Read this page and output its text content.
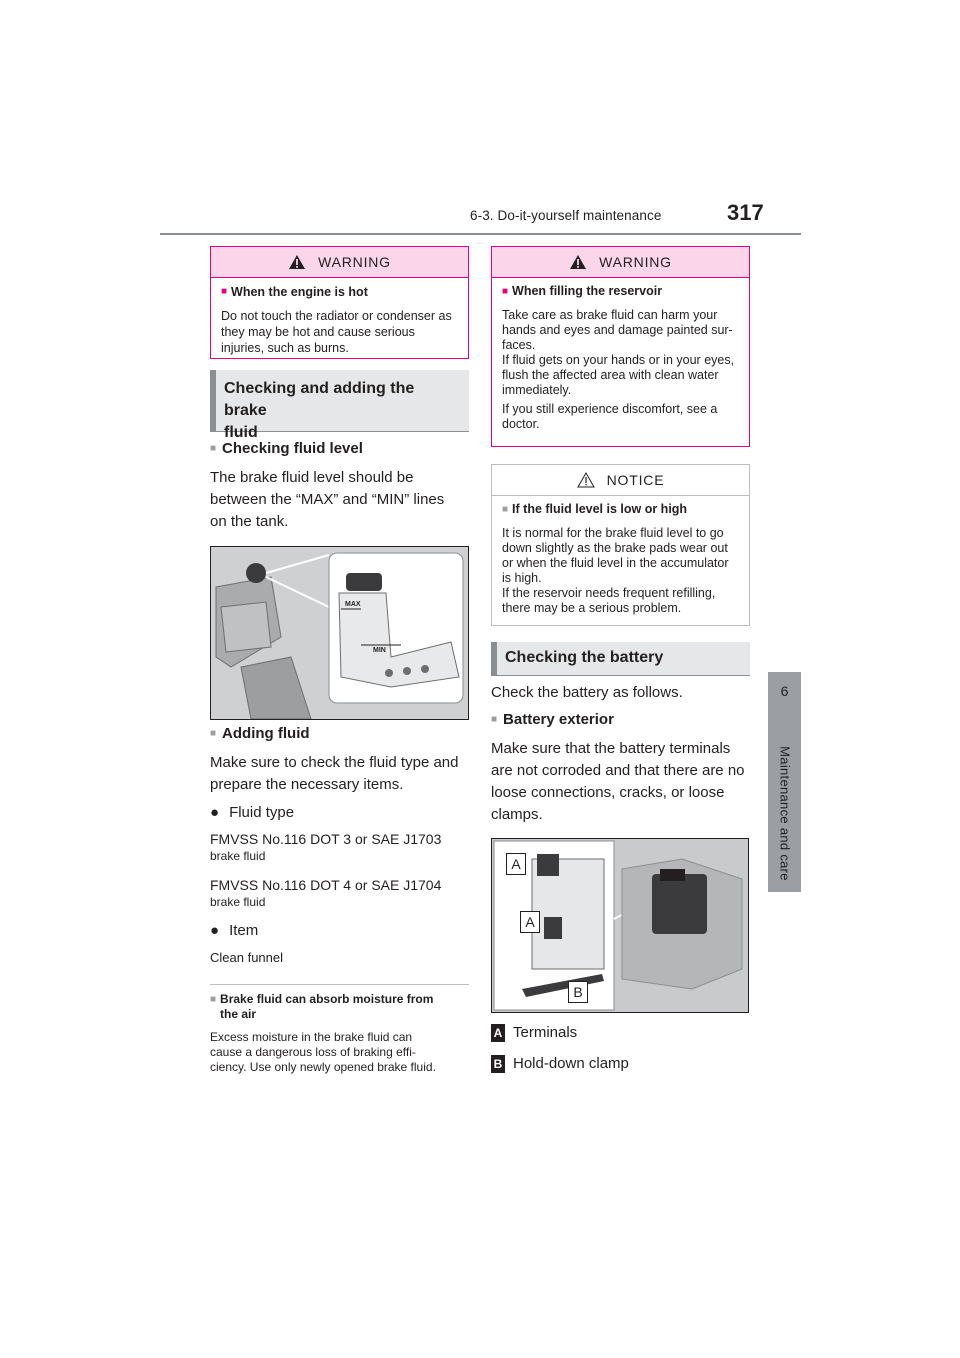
6-3. Do-it-yourself maintenance	317
6
Maintenance and care
WARNING
■ When the engine is hot

Do not touch the radiator or condenser as they may be hot and cause serious injuries, such as burns.

Checking and adding the brake
fluid
■ Checking fluid level
The brake fluid level should be
between the “MAX” and “MIN” lines
on the tank.
MAX
MIN
■ Adding fluid
Make sure to check the fluid type and
prepare the necessary items.
● Fluid type
FMVSS No.116 DOT 3 or SAE J1703
brake fluid
FMVSS No.116 DOT 4 or SAE J1704
brake fluid
● Item
Clean funnel
■ Brake fluid can absorb moisture from
the air
Excess moisture in the brake fluid can
cause a dangerous loss of braking effi-
ciency. Use only newly opened brake fluid.
WARNING
■ When filling the reservoir
Take care as brake fluid can harm your
hands and eyes and damage painted sur-
faces.
If fluid gets on your hands or in your eyes,
flush the affected area with clean water
immediately.
If you still experience discomfort, see a
doctor.
NOTICE
■ If the fluid level is low or high
It is normal for the brake fluid level to go
down slightly as the brake pads wear out
or when the fluid level in the accumulator
is high.
If the reservoir needs frequent refilling,
there may be a serious problem.
Checking the battery
Check the battery as follows.
■ Battery exterior
Make sure that the battery terminals
are not corroded and that there are no
loose connections, cracks, or loose
clamps.
A
A
B
A Terminals
B Hold-down clamp
